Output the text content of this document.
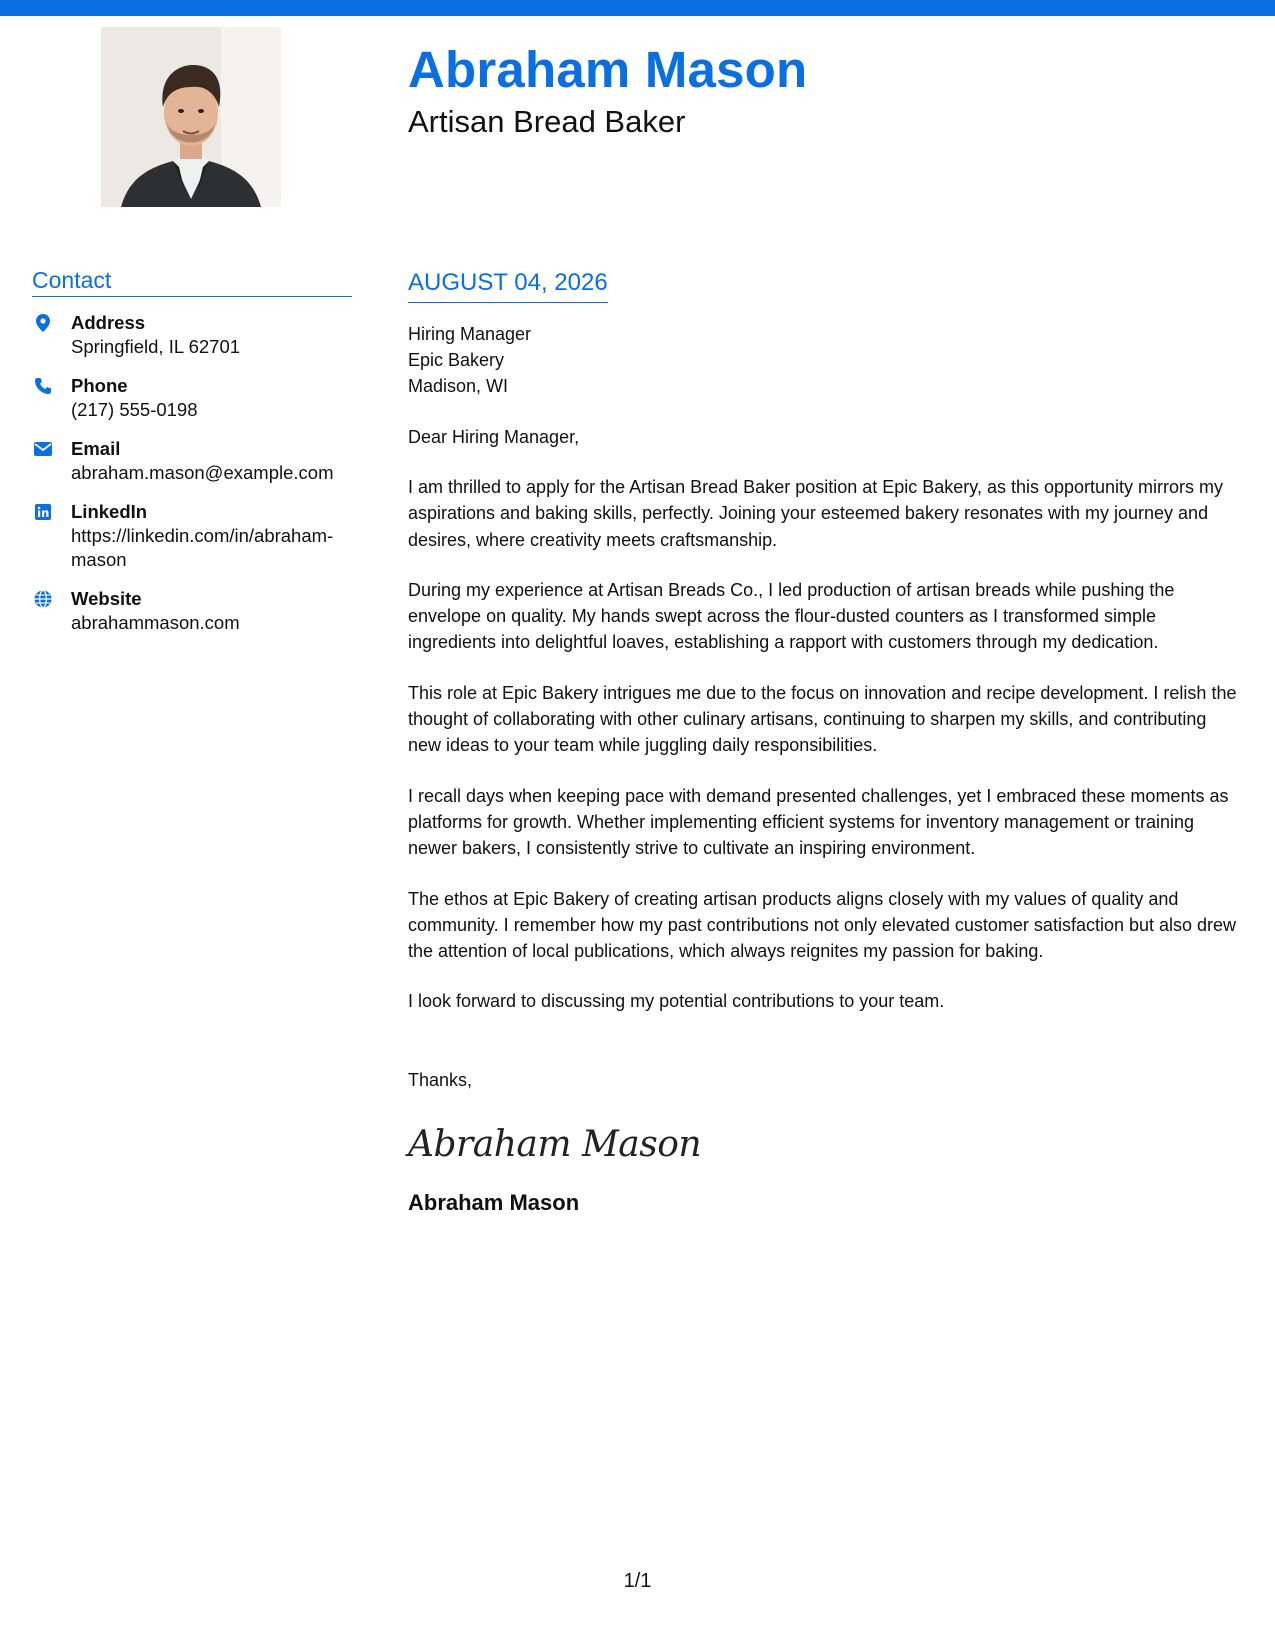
Abraham Mason
Artisan Bread Baker
Contact
Address
Springfield, IL 62701
Phone
(217) 555-0198
Email
abraham.mason@example.com
LinkedIn
https://linkedin.com/in/abraham-mason
Website
abrahammason.com
AUGUST 04, 2026
Hiring Manager
Epic Bakery
Madison, WI
Dear Hiring Manager,

I am thrilled to apply for the Artisan Bread Baker position at Epic Bakery, as this opportunity mirrors my aspirations and baking skills, perfectly. Joining your esteemed bakery resonates with my journey and desires, where creativity meets craftsmanship.

During my experience at Artisan Breads Co., I led production of artisan breads while pushing the envelope on quality. My hands swept across the flour-dusted counters as I transformed simple ingredients into delightful loaves, establishing a rapport with customers through my dedication.

This role at Epic Bakery intrigues me due to the focus on innovation and recipe development. I relish the thought of collaborating with other culinary artisans, continuing to sharpen my skills, and contributing new ideas to your team while juggling daily responsibilities.

I recall days when keeping pace with demand presented challenges, yet I embraced these moments as platforms for growth. Whether implementing efficient systems for inventory management or training newer bakers, I consistently strive to cultivate an inspiring environment.

The ethos at Epic Bakery of creating artisan products aligns closely with my values of quality and community. I remember how my past contributions not only elevated customer satisfaction but also drew the attention of local publications, which always reignites my passion for baking.

I look forward to discussing my potential contributions to your team.

Thanks,
Abraham Mason
Abraham Mason
1/1
